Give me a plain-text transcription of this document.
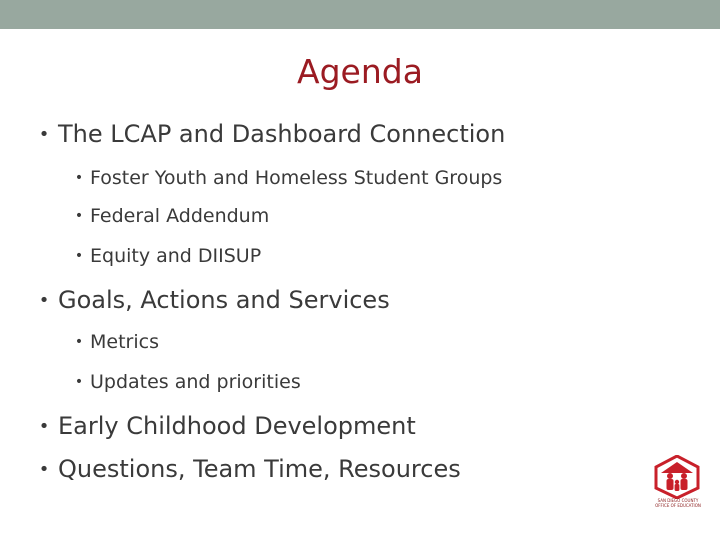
Agenda
• The LCAP and Dashboard Connection
• Foster Youth and Homeless Student Groups
• Federal Addendum
• Equity and DIISUP
• Goals, Actions and Services
• Metrics
• Updates and priorities
• Early Childhood Development
• Questions, Team Time, Resources
SAN DIEGO COUNTY OFFICE OF EDUCATION
